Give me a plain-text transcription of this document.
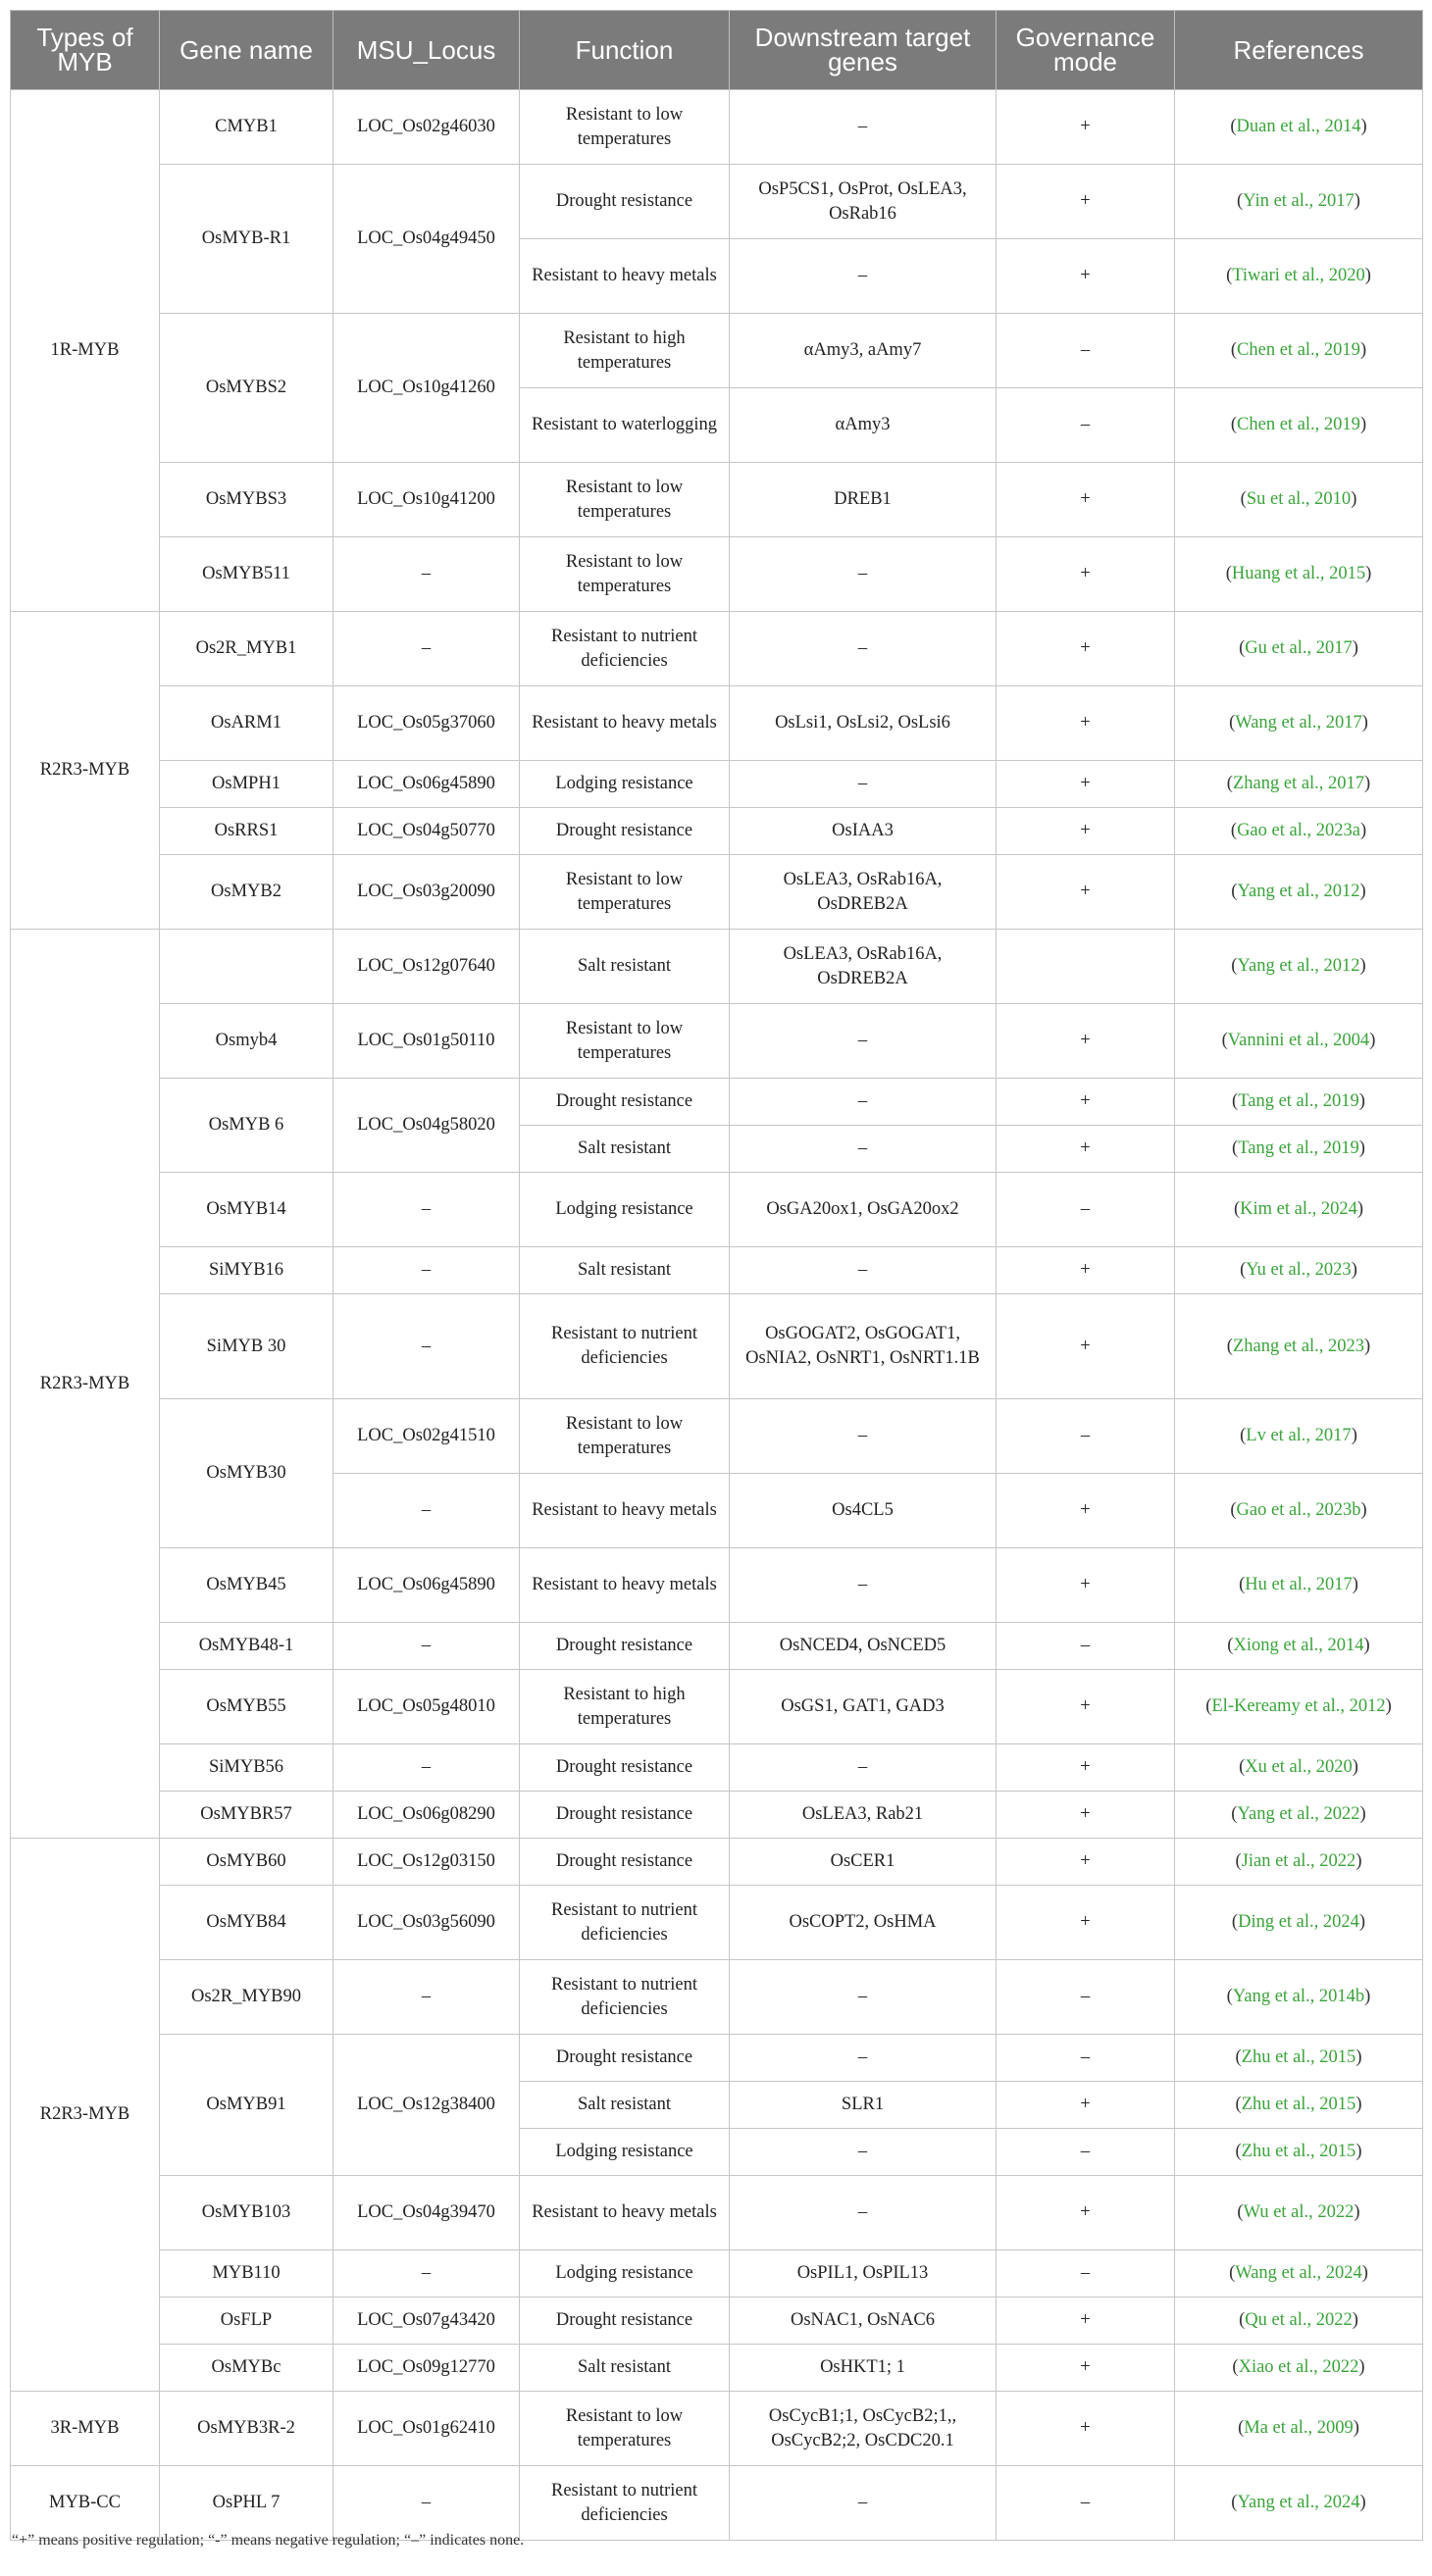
Types of MYB	Gene name	MSU_Locus	Function	Downstream target genes	Governance mode	References
1R-MYB	CMYB1	LOC_Os02g46030	Resistant to low temperatures	–	+	(Duan et al., 2014)
	OsMYB-R1	LOC_Os04g49450	Drought resistance	OsP5CS1, OsProt, OsLEA3, OsRab16	+	(Yin et al., 2017)
			Resistant to heavy metals	–	+	(Tiwari et al., 2020)
	OsMYBS2	LOC_Os10g41260	Resistant to high temperatures	αAmy3, aAmy7	–	(Chen et al., 2019)
			Resistant to waterlogging	αAmy3	–	(Chen et al., 2019)
	OsMYBS3	LOC_Os10g41200	Resistant to low temperatures	DREB1	+	(Su et al., 2010)
	OsMYB511	–	Resistant to low temperatures	–	+	(Huang et al., 2015)
R2R3-MYB	Os2R_MYB1	–	Resistant to nutrient deficiencies	–	+	(Gu et al., 2017)
	OsARM1	LOC_Os05g37060	Resistant to heavy metals	OsLsi1, OsLsi2, OsLsi6	+	(Wang et al., 2017)
	OsMPH1	LOC_Os06g45890	Lodging resistance	–	+	(Zhang et al., 2017)
	OsRRS1	LOC_Os04g50770	Drought resistance	OsIAA3	+	(Gao et al., 2023a)
	OsMYB2	LOC_Os03g20090	Resistant to low temperatures	OsLEA3, OsRab16A, OsDREB2A	+	(Yang et al., 2012)
R2R3-MYB		LOC_Os12g07640	Salt resistant	OsLEA3, OsRab16A, OsDREB2A		(Yang et al., 2012)
	Osmyb4	LOC_Os01g50110	Resistant to low temperatures	–	+	(Vannini et al., 2004)
	OsMYB 6	LOC_Os04g58020	Drought resistance	–	+	(Tang et al., 2019)
			Salt resistant	–	+	(Tang et al., 2019)
	OsMYB14	–	Lodging resistance	OsGA20ox1, OsGA20ox2	–	(Kim et al., 2024)
	SiMYB16	–	Salt resistant	–	+	(Yu et al., 2023)
	SiMYB 30	–	Resistant to nutrient deficiencies	OsGOGAT2, OsGOGAT1, OsNIA2, OsNRT1, OsNRT1.1B	+	(Zhang et al., 2023)
	OsMYB30	LOC_Os02g41510	Resistant to low temperatures	–	–	(Lv et al., 2017)
		–	Resistant to heavy metals	Os4CL5	+	(Gao et al., 2023b)
	OsMYB45	LOC_Os06g45890	Resistant to heavy metals	–	+	(Hu et al., 2017)
	OsMYB48-1	–	Drought resistance	OsNCED4, OsNCED5	–	(Xiong et al., 2014)
	OsMYB55	LOC_Os05g48010	Resistant to high temperatures	OsGS1, GAT1, GAD3	+	(El-Kereamy et al., 2012)
	SiMYB56	–	Drought resistance	–	+	(Xu et al., 2020)
	OsMYBR57	LOC_Os06g08290	Drought resistance	OsLEA3, Rab21	+	(Yang et al., 2022)
R2R3-MYB	OsMYB60	LOC_Os12g03150	Drought resistance	OsCER1	+	(Jian et al., 2022)
	OsMYB84	LOC_Os03g56090	Resistant to nutrient deficiencies	OsCOPT2, OsHMA	+	(Ding et al., 2024)
	Os2R_MYB90	–	Resistant to nutrient deficiencies	–	–	(Yang et al., 2014b)
	OsMYB91	LOC_Os12g38400	Drought resistance	–	–	(Zhu et al., 2015)
			Salt resistant	SLR1	+	(Zhu et al., 2015)
			Lodging resistance	–	–	(Zhu et al., 2015)
	OsMYB103	LOC_Os04g39470	Resistant to heavy metals	–	+	(Wu et al., 2022)
	MYB110	–	Lodging resistance	OsPIL1, OsPIL13	–	(Wang et al., 2024)
	OsFLP	LOC_Os07g43420	Drought resistance	OsNAC1, OsNAC6	+	(Qu et al., 2022)
	OsMYBc	LOC_Os09g12770	Salt resistant	OsHKT1; 1	+	(Xiao et al., 2022)
3R-MYB	OsMYB3R-2	LOC_Os01g62410	Resistant to low temperatures	OsCycB1;1, OsCycB2;1,, OsCycB2;2, OsCDC20.1	+	(Ma et al., 2009)
MYB-CC	OsPHL 7	–	Resistant to nutrient deficiencies	–	–	(Yang et al., 2024)
“+” means positive regulation; “-” means negative regulation; “–” indicates none.
